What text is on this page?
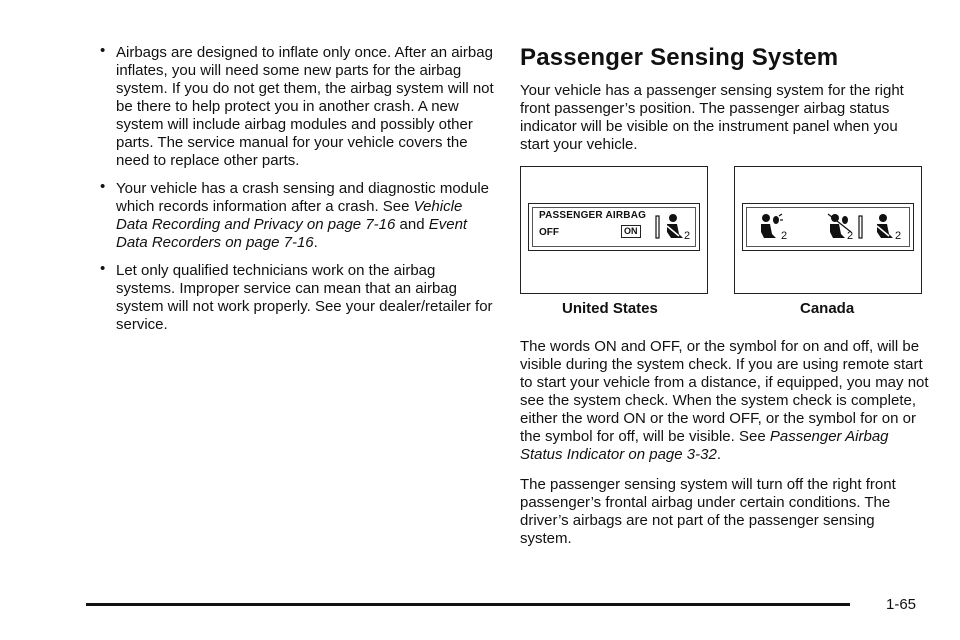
• Airbags are designed to inflate only once. After an airbag inflates, you will need some new parts for the airbag system. If you do not get them, the airbag system will not be there to help protect you in another crash. A new system will include airbag modules and possibly other parts. The service manual for your vehicle covers the need to replace other parts.
• Your vehicle has a crash sensing and diagnostic module which records information after a crash. See Vehicle Data Recording and Privacy on page 7-16 and Event Data Recorders on page 7-16.
• Let only qualified technicians work on the airbag systems. Improper service can mean that an airbag system will not work properly. See your dealer/retailer for service.
Passenger Sensing System

Your vehicle has a passenger sensing system for the right front passenger’s position. The passenger airbag status indicator will be visible on the instrument panel when you start your vehicle.

PASSENGER AIRBAG
OFF	ON	2	2	2	2
United States	Canada

The words ON and OFF, or the symbol for on and off, will be visible during the system check. If you are using remote start to start your vehicle from a distance, if equipped, you may not see the system check. When the system check is complete, either the word ON or the word OFF, or the symbol for on or the symbol for off, will be visible. See Passenger Airbag Status Indicator on page 3-32.

The passenger sensing system will turn off the right front passenger’s frontal airbag under certain conditions. The driver’s airbags are not part of the passenger sensing system.

1-65
